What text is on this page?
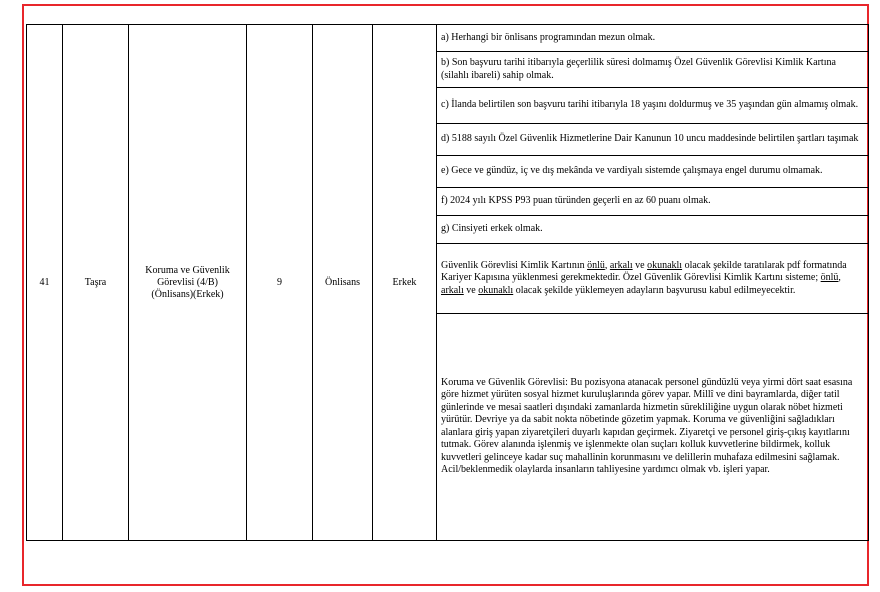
41	Taşra	Koruma ve Güvenlik Görevlisi (4/B) (Önlisans)(Erkek)	9	Önlisans	Erkek	
a) Herhangi bir önlisans programından mezun olmak.
b) Son başvuru tarihi itibarıyla geçerlilik süresi dolmamış Özel Güvenlik Görevlisi Kimlik Kartına (silahlı ibareli) sahip olmak.
c) İlanda belirtilen son başvuru tarihi itibarıyla 18 yaşını doldurmuş ve 35 yaşından gün almamış olmak.
d) 5188 sayılı Özel Güvenlik Hizmetlerine Dair Kanunun 10 uncu maddesinde belirtilen şartları taşımak
e) Gece ve gündüz, iç ve dış mekânda ve vardiyalı sistemde çalışmaya engel durumu olmamak.
f) 2024 yılı KPSS P93 puan türünden geçerli en az 60 puanı olmak.
g) Cinsiyeti erkek olmak.
Güvenlik Görevlisi Kimlik Kartının önlü, arkalı ve okunaklı olacak şekilde taratılarak pdf formatında Kariyer Kapısına yüklenmesi gerekmektedir. Özel Güvenlik Görevlisi Kimlik Kartını sisteme; önlü, arkalı ve okunaklı olacak şekilde yüklemeyen adayların başvurusu kabul edilmeyecektir.
Koruma ve Güvenlik Görevlisi: Bu pozisyona atanacak personel gündüzlü veya yirmi dört saat esasına göre hizmet yürüten sosyal hizmet kuruluşlarında görev yapar. Millî ve dini bayramlarda, diğer tatil günlerinde ve mesai saatleri dışındaki zamanlarda hizmetin sürekliliğine uygun olarak nöbet hizmeti yürütür. Devriye ya da sabit nokta nöbetinde gözetim yapmak. Koruma ve güvenliğini sağladıkları alanlara giriş yapan ziyaretçileri duyarlı kapıdan geçirmek. Ziyaretçi ve personel giriş-çıkış kayıtlarını tutmak. Görev alanında işlenmiş ve işlenmekte olan suçları kolluk kuvvetlerine bildirmek, kolluk kuvvetleri gelinceye kadar suç mahallinin korunmasını ve delillerin muhafaza edilmesini sağlamak. Acil/beklenmedik olaylarda insanların tahliyesine yardımcı olmak vb. işleri yapar.
